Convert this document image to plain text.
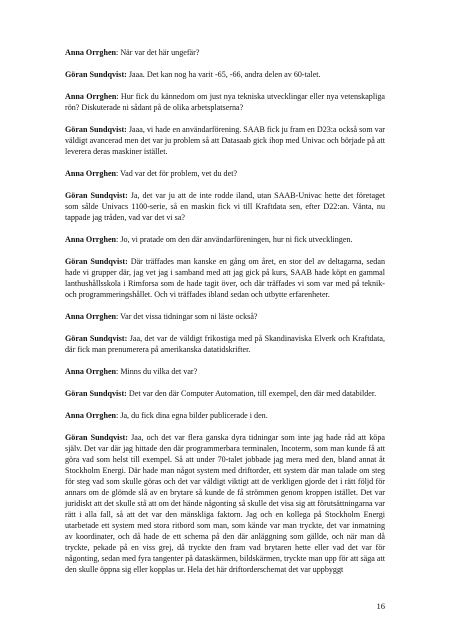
Anna Orrghen: När var det här ungefär?

Göran Sundqvist: Jaaa. Det kan nog ha varit -65, -66, andra delen av 60-talet.

Anna Orrghen: Hur fick du kännedom om just nya tekniska utvecklingar eller nya vetenskapliga rön? Diskuterade ni sådant på de olika arbetsplatserna?

Göran Sundqvist: Jaaa, vi hade en användarförening. SAAB fick ju fram en D23:a också som var väldigt avancerad men det var ju problem så att Datasaab gick ihop med Univac och började på att leverera deras maskiner istället.

Anna Orrghen: Vad var det för problem, vet du det?

Göran Sundqvist: Ja, det var ju att de inte rodde iland, utan SAAB-Univac hette det företaget som sålde Univacs 1100-serie, så en maskin fick vi till Kraftdata sen, efter D22:an. Vänta, nu tappade jag tråden, vad var det vi sa?

Anna Orrghen: Jo, vi pratade om den där användarföreningen, hur ni fick utvecklingen.

Göran Sundqvist: Där träffades man kanske en gång om året, en stor del av deltagarna, sedan hade vi grupper där, jag vet jag i samband med att jag gick på kurs, SAAB hade köpt en gammal lanthushållsskola i Rimforsa som de hade tagit över, och där träffades vi som var med på teknik- och programmeringshållet. Och vi träffades ibland sedan och utbytte erfarenheter.

Anna Orrghen: Var det vissa tidningar som ni läste också?

Göran Sundqvist: Jaa, det var de väldigt frikostiga med på Skandinaviska Elverk och Kraftdata, där fick man prenumerera på amerikanska datatidskrifter.

Anna Orrghen: Minns du vilka det var?

Göran Sundqvist: Det var den där Computer Automation, till exempel, den där med databilder.

Anna Orrghen: Ja, du fick dina egna bilder publicerade i den.

Göran Sundqvist: Jaa, och det var flera ganska dyra tidningar som inte jag hade råd att köpa själv. Det var där jag hittade den där programmerbara terminalen, Incoterm, som man kunde få att göra vad som helst till exempel. Så att under 70-talet jobbade jag mera med den, bland annat åt Stockholm Energi. Där hade man något system med driftorder, ett system där man talade om steg för steg vad som skulle göras och det var väldigt viktigt att de verkligen gjorde det i rätt följd för annars om de glömde slå av en brytare så kunde de få strömmen genom kroppen istället. Det var juridiskt att det skulle stå att om det hände någonting så skulle det visa sig att förutsättningarna var rätt i alla fall, så att det var den mänskliga faktorn. Jag och en kollega på Stockholm Energi utarbetade ett system med stora ritbord som man, som kände var man tryckte, det var inmatning av koordinater, och då hade de ett schema på den där anläggning som gällde, och när man då tryckte, pekade på en viss grej, då tryckte den fram vad brytaren hette eller vad det var för någonting, sedan med fyra tangenter på dataskärmen, bildskärmen, tryckte man upp för att säga att den skulle öppna sig eller kopplas ur. Hela det här driftorderschemat det var uppbyggt

16
